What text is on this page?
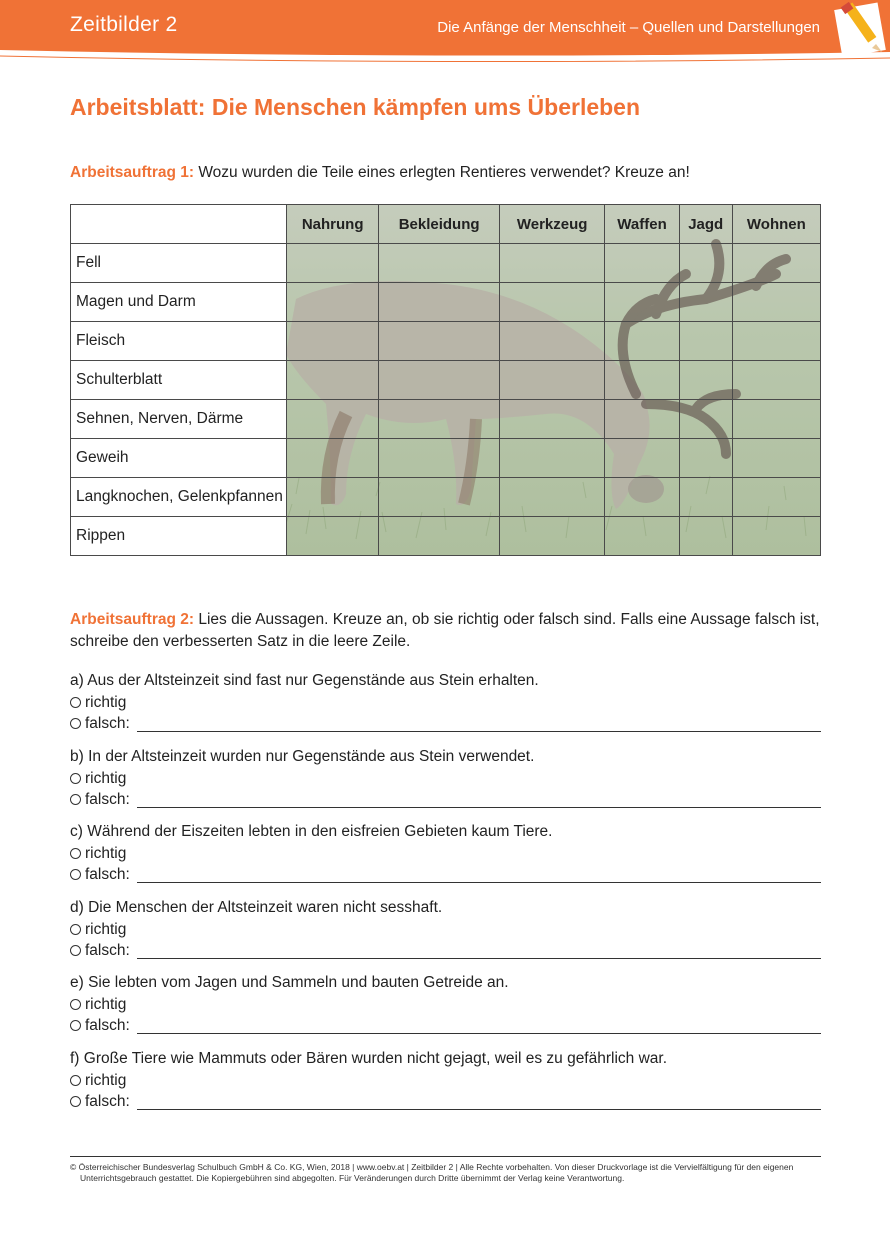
Zeitbilder 2	Die Anfänge der Menschheit – Quellen und Darstellungen
Arbeitsblatt: Die Menschen kämpfen ums Überleben
Arbeitsauftrag 1: Wozu wurden die Teile eines erlegten Rentieres verwendet? Kreuze an!
	Nahrung	Bekleidung	Werkzeug	Waffen	Jagd	Wohnen
Fell						
Magen und Darm						
Fleisch						
Schulterblatt						
Sehnen, Nerven, Därme						
Geweih						
Langknochen, Gelenkpfannen						
Rippen						
Arbeitsauftrag 2: Lies die Aussagen. Kreuze an, ob sie richtig oder falsch sind. Falls eine Aussage falsch ist, schreibe den verbesserten Satz in die leere Zeile.
a) Aus der Altsteinzeit sind fast nur Gegenstände aus Stein erhalten.
richtig
falsch:
b) In der Altsteinzeit wurden nur Gegenstände aus Stein verwendet.
richtig
falsch:
c) Während der Eiszeiten lebten in den eisfreien Gebieten kaum Tiere.
richtig
falsch:
d) Die Menschen der Altsteinzeit waren nicht sesshaft.
richtig
falsch:
e) Sie lebten vom Jagen und Sammeln und bauten Getreide an.
richtig
falsch:
f) Große Tiere wie Mammuts oder Bären wurden nicht gejagt, weil es zu gefährlich war.
richtig
falsch:
© Österreichischer Bundesverlag Schulbuch GmbH & Co. KG, Wien, 2018 | www.oebv.at | Zeitbilder 2 | Alle Rechte vorbehalten. Von dieser Druckvorlage ist die Vervielfältigung für den eigenen
Unterrichtsgebrauch gestattet. Die Kopiergebühren sind abgegolten. Für Veränderungen durch Dritte übernimmt der Verlag keine Verantwortung.
